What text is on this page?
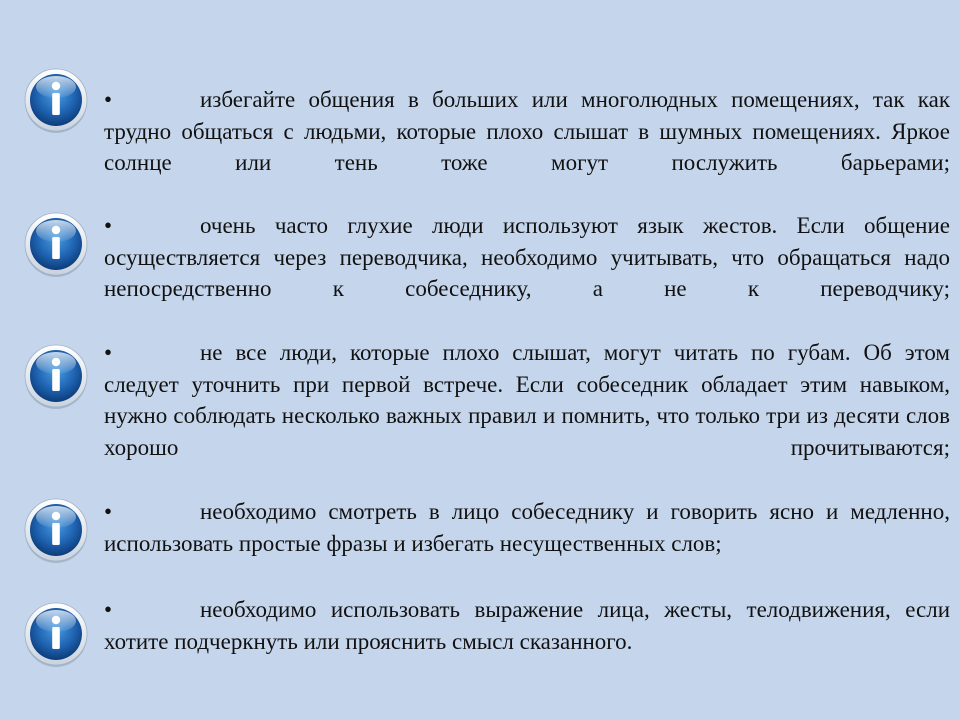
•	избегайте общения в больших или многолюдных помещениях, так как трудно общаться с людьми, которые плохо слышат в шумных помещениях. Яркое солнце или тень тоже могут послужить барьерами;
•	очень часто глухие люди используют язык жестов. Если общение осуществляется через переводчика, необходимо учитывать, что обращаться надо непосредственно к собеседнику, а не к переводчику;
•	не все люди, которые плохо слышат, могут читать по губам. Об этом следует уточнить при первой встрече. Если собеседник обладает этим навыком, нужно соблюдать несколько важных правил и помнить, что только три из десяти слов хорошо прочитываются;
•	необходимо смотреть в лицо собеседнику и говорить ясно и медленно, использовать простые фразы и избегать несущественных слов;
•	необходимо использовать выражение лица, жесты, телодвижения, если хотите подчеркнуть или прояснить смысл сказанного.
